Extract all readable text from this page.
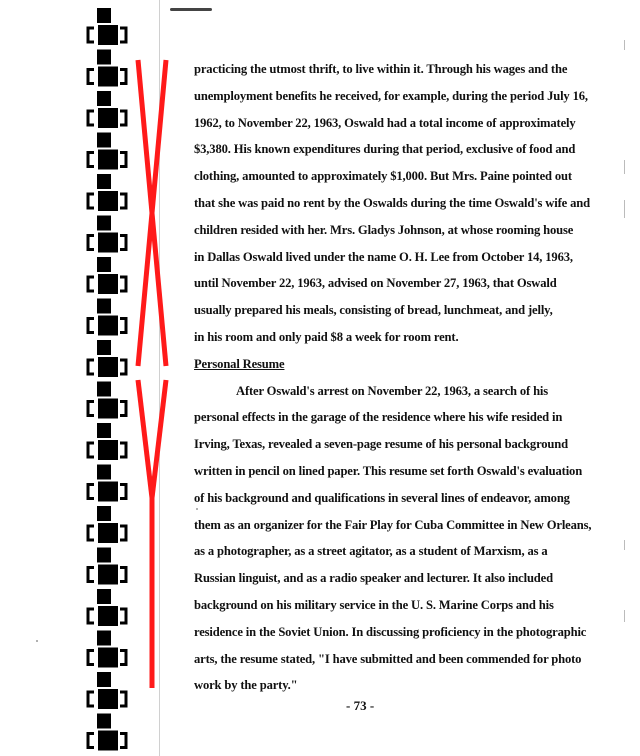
practicing the utmost thrift, to live within it. Through his wages and the
unemployment benefits he received, for example, during the period July 16,
1962, to November 22, 1963, Oswald had a total income of approximately
$3,380. His known expenditures during that period, exclusive of food and
clothing, amounted to approximately $1,000. But Mrs. Paine pointed out
that she was paid no rent by the Oswalds during the time Oswald's wife and
children resided with her. Mrs. Gladys Johnson, at whose rooming house
in Dallas Oswald lived under the name O. H. Lee from October 14, 1963,
until November 22, 1963, advised on November 27, 1963, that Oswald
usually prepared his meals, consisting of bread, lunchmeat, and jelly,
in his room and only paid $8 a week for room rent.
Personal Resume
After Oswald's arrest on November 22, 1963, a search of his
personal effects in the garage of the residence where his wife resided in
Irving, Texas, revealed a seven-page resume of his personal background
written in pencil on lined paper. This resume set forth Oswald's evaluation
of his background and qualifications in several lines of endeavor, among
them as an organizer for the Fair Play for Cuba Committee in New Orleans,
as a photographer, as a street agitator, as a student of Marxism, as a
Russian linguist, and as a radio speaker and lecturer. It also included
background on his military service in the U. S. Marine Corps and his
residence in the Soviet Union. In discussing proficiency in the photographic
arts, the resume stated, "I have submitted and been commended for photo
work by the party."
- 73 -
